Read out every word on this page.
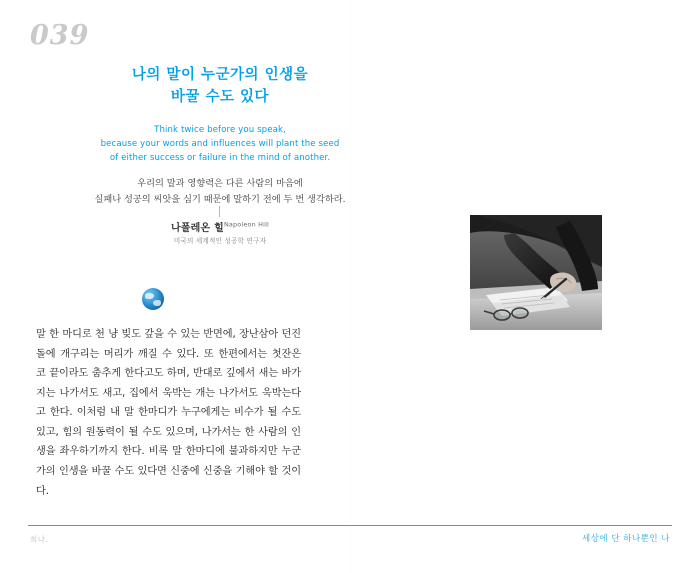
039
나의 말이 누군가의 인생을
바꿀 수도 있다
Think twice before you speak,
because your words and influences will plant the seed
of either success or failure in the mind of another.
우리의 말과 영향력은 다른 사람의 마음에
실패나 성공의 씨앗을 심기 때문에 말하기 전에 두 번 생각하라.
나폴레온 힐$^{Napoleon Hill}$
미국의 세계적인 성공학 연구자
말 한 마디로 천 냥 빚도 갚을 수 있는 반면에, 장난삼아 던진 돌에 개구리는 머리가 깨질 수 있다. 또 한편에서는 첫잔은 코 끝이라도 춤추게 한다고도 하며, 반대로 깊에서 새는 바가지는 나가서도 새고, 집에서 욱박는 개는 나가서도 욱박는다고 한다. 이처럼 내 말 한마디가 누구에게는 비수가 될 수도 있고, 힘의 원동력이 될 수도 있으며, 나가서는 한 사람의 인생을 좌우하기까지 한다. 비록 말 한마디에 불과하지만 누군가의 인생을 바꿀 수도 있다면 신중에 신중을 기해야 할 것이다.
희나.	세상에 단 하나뿐인 나
